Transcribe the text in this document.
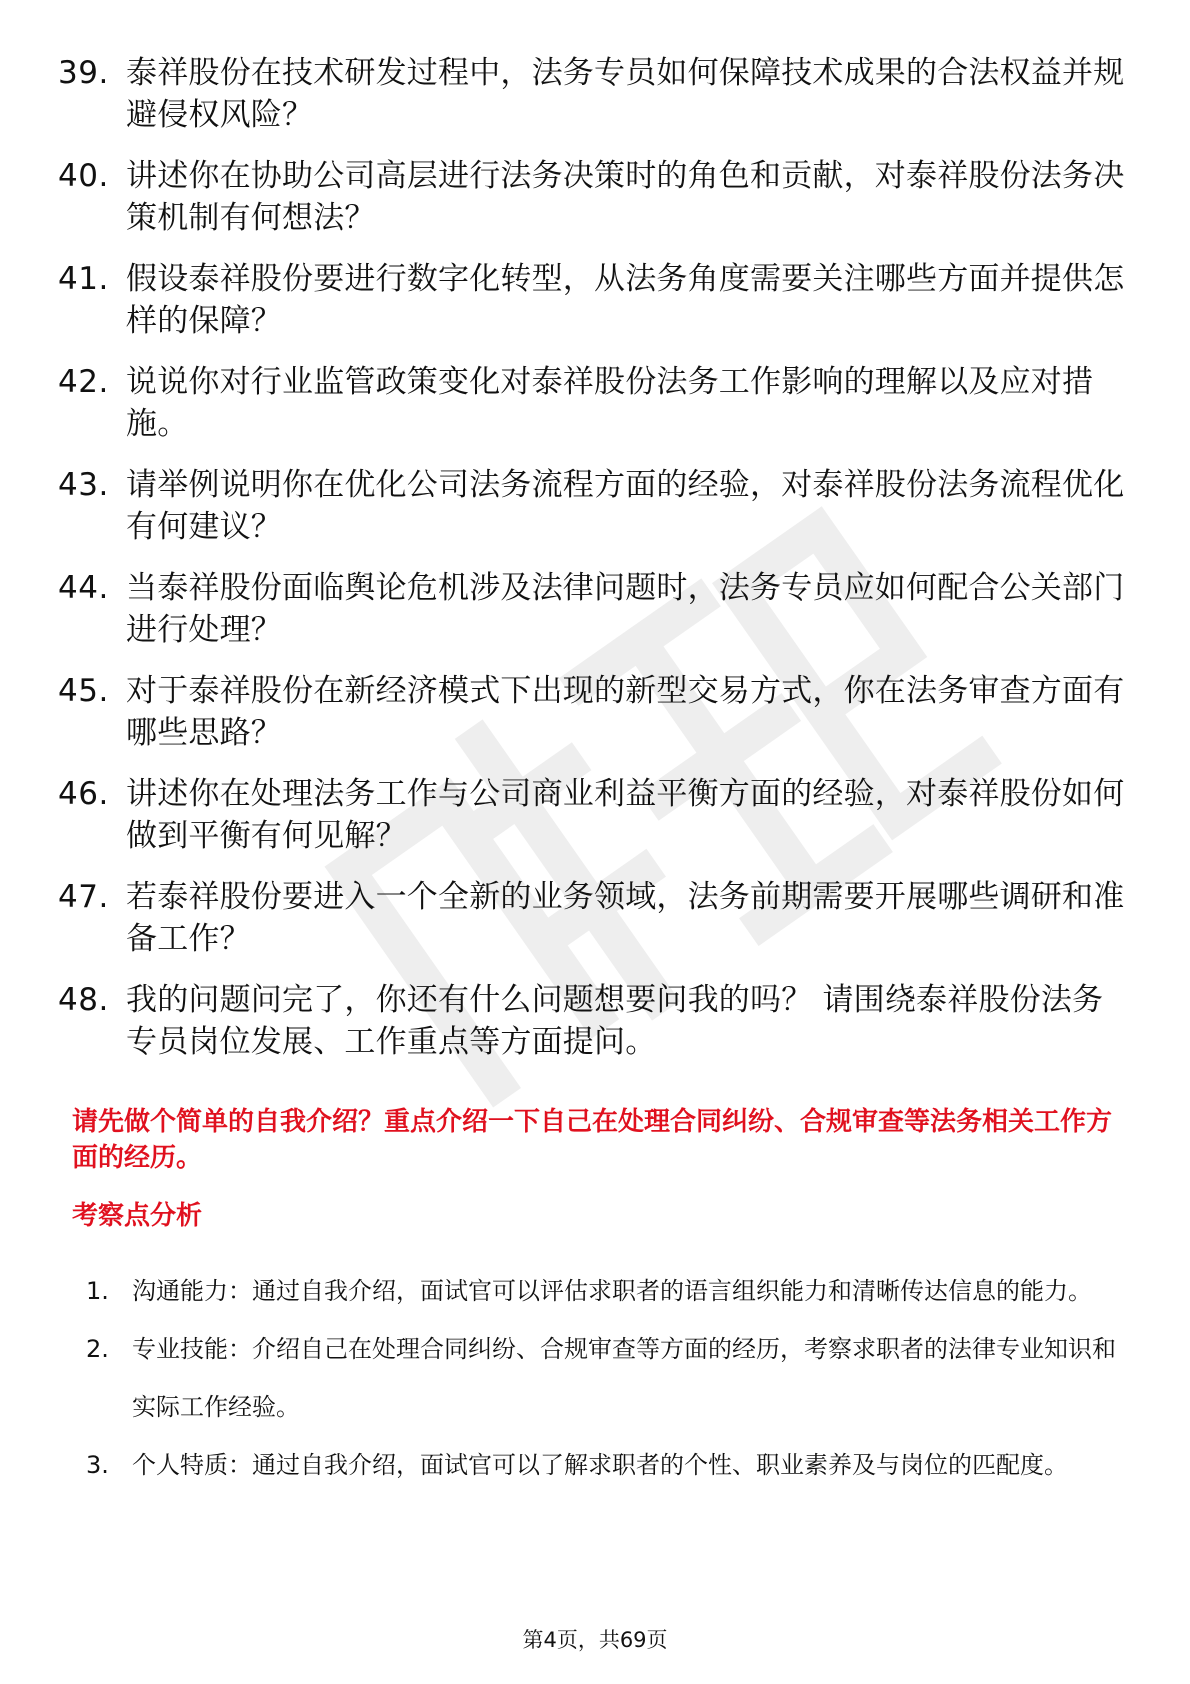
39. 泰祥股份在技术研发过程中，法务专员如何保障技术成果的合法权益并规避侵权风险？
40. 讲述你在协助公司高层进行法务决策时的角色和贡献，对泰祥股份法务决策机制有何想法？
41. 假设泰祥股份要进行数字化转型，从法务角度需要关注哪些方面并提供怎样的保障？
42. 说说你对行业监管政策变化对泰祥股份法务工作影响的理解以及应对措施。
43. 请举例说明你在优化公司法务流程方面的经验，对泰祥股份法务流程优化有何建议？
44. 当泰祥股份面临舆论危机涉及法律问题时，法务专员应如何配合公关部门进行处理？
45. 对于泰祥股份在新经济模式下出现的新型交易方式，你在法务审查方面有哪些思路？
46. 讲述你在处理法务工作与公司商业利益平衡方面的经验，对泰祥股份如何做到平衡有何见解？
47. 若泰祥股份要进入一个全新的业务领域，法务前期需要开展哪些调研和准备工作？
48. 我的问题问完了，你还有什么问题想要问我的吗？ 请围绕泰祥股份法务专员岗位发展、工作重点等方面提问。
请先做个简单的自我介绍？重点介绍一下自己在处理合同纠纷、合规审查等法务相关工作方面的经历。
考察点分析
1. 沟通能力：通过自我介绍，面试官可以评估求职者的语言组织能力和清晰传达信息的能力。
2. 专业技能：介绍自己在处理合同纠纷、合规审查等方面的经历，考察求职者的法律专业知识和实际工作经验。
3. 个人特质：通过自我介绍，面试官可以了解求职者的个性、职业素养及与岗位的匹配度。
第4页，共69页
